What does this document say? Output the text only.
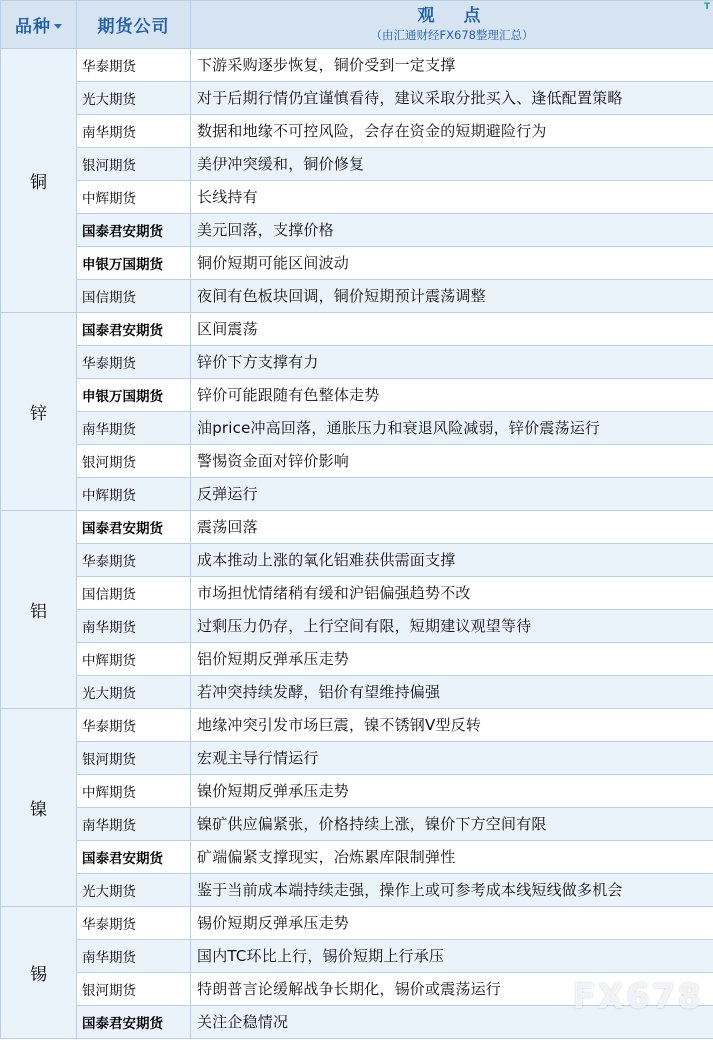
品种	期货公司	观　点
（由汇通财经FX678整理汇总）
T

铜	华泰期货	下游采购逐步恢复，铜价受到一定支撑
	光大期货	对于后期行情仍宜谨慎看待，建议采取分批买入、逢低配置策略
	南华期货	数据和地缘不可控风险，会存在资金的短期避险行为
	银河期货	美伊冲突缓和，铜价修复
	中辉期货	长线持有
	国泰君安期货	美元回落，支撑价格
	申银万国期货	铜价短期可能区间波动
	国信期货	夜间有色板块回调，铜价短期预计震荡调整
锌	国泰君安期货	区间震荡
	华泰期货	锌价下方支撑有力
	申银万国期货	锌价可能跟随有色整体走势
	南华期货	油price冲高回落，通胀压力和衰退风险减弱，锌价震荡运行
	银河期货	警惕资金面对锌价影响
	中辉期货	反弹运行
铝	国泰君安期货	震荡回落
	华泰期货	成本推动上涨的氧化铝难获供需面支撑
	国信期货	市场担忧情绪稍有缓和沪铝偏强趋势不改
	南华期货	过剩压力仍存，上行空间有限，短期建议观望等待
	中辉期货	铝价短期反弹承压走势
	光大期货	若冲突持续发酵，铝价有望维持偏强
镍	华泰期货	地缘冲突引发市场巨震，镍不锈钢V型反转
	银河期货	宏观主导行情运行
	中辉期货	镍价短期反弹承压走势
	南华期货	镍矿供应偏紧张，价格持续上涨，镍价下方空间有限
	国泰君安期货	矿端偏紧支撑现实，冶炼累库限制弹性
	光大期货	鉴于当前成本端持续走强，操作上或可参考成本线短线做多机会
锡	华泰期货	锡价短期反弹承压走势
	南华期货	国内TC环比上行，锡价短期上行承压
	银河期货	特朗普言论缓解战争长期化，锡价或震荡运行
	国泰君安期货	关注企稳情况
FX678
